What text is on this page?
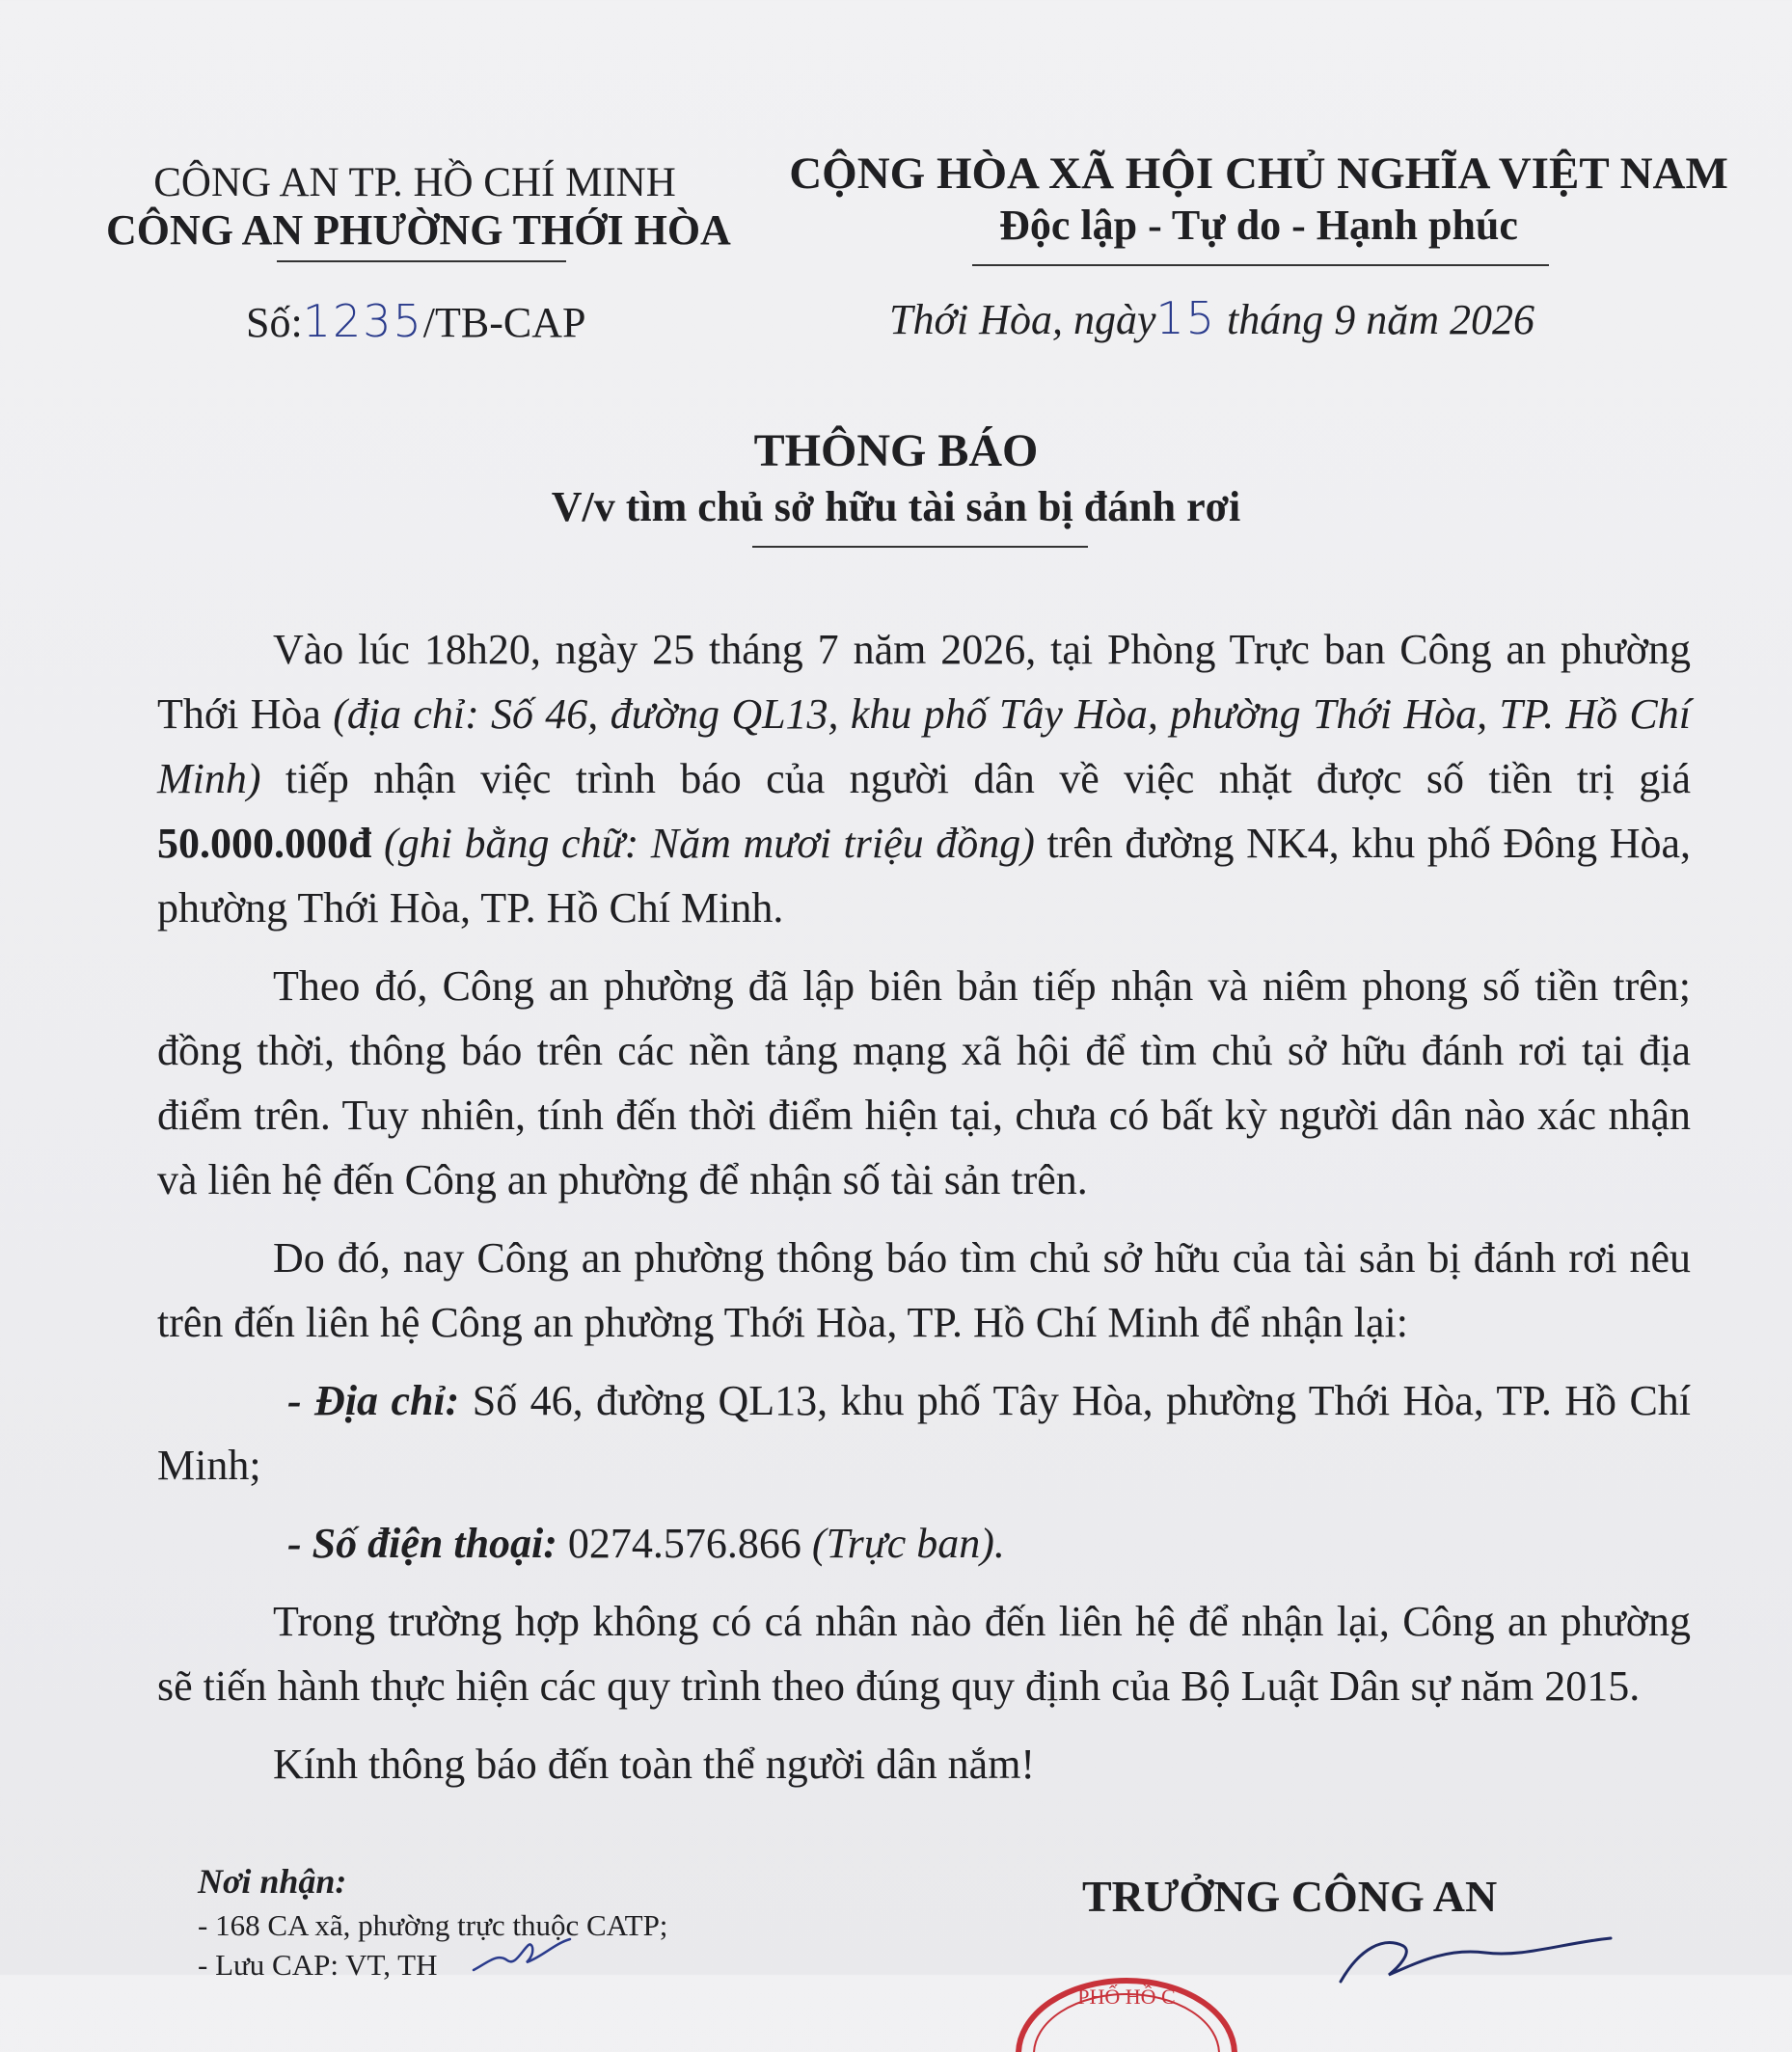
CÔNG AN TP. HỒ CHÍ MINH
CÔNG AN PHƯỜNG THỚI HÒA
Số:1235/TB-CAP
CỘNG HÒA XÃ HỘI CHỦ NGHĨA VIỆT NAM
Độc lập - Tự do - Hạnh phúc
Thới Hòa, ngày15 tháng 9 năm 2026
THÔNG BÁO
V/v tìm chủ sở hữu tài sản bị đánh rơi

Vào lúc 18h20, ngày 25 tháng 7 năm 2026, tại Phòng Trực ban Công an phường Thới Hòa (địa chỉ: Số 46, đường QL13, khu phố Tây Hòa, phường Thới Hòa, TP. Hồ Chí Minh) tiếp nhận việc trình báo của người dân về việc nhặt được số tiền trị giá 50.000.000đ (ghi bằng chữ: Năm mươi triệu đồng) trên đường NK4, khu phố Đông Hòa, phường Thới Hòa, TP. Hồ Chí Minh.

Theo đó, Công an phường đã lập biên bản tiếp nhận và niêm phong số tiền trên; đồng thời, thông báo trên các nền tảng mạng xã hội để tìm chủ sở hữu đánh rơi tại địa điểm trên. Tuy nhiên, tính đến thời điểm hiện tại, chưa có bất kỳ người dân nào xác nhận và liên hệ đến Công an phường để nhận số tài sản trên.

Do đó, nay Công an phường thông báo tìm chủ sở hữu của tài sản bị đánh rơi nêu trên đến liên hệ Công an phường Thới Hòa, TP. Hồ Chí Minh để nhận lại:

- Địa chỉ: Số 46, đường QL13, khu phố Tây Hòa, phường Thới Hòa, TP. Hồ Chí Minh;

- Số điện thoại: 0274.576.866 (Trực ban).

Trong trường hợp không có cá nhân nào đến liên hệ để nhận lại, Công an phường sẽ tiến hành thực hiện các quy trình theo đúng quy định của Bộ Luật Dân sự năm 2015.

Kính thông báo đến toàn thể người dân nắm!

Nơi nhận:
- 168 CA xã, phường trực thuộc CATP;
- Lưu CAP: VT, TH
TRƯỞNG CÔNG AN
PHỐ HỒ C
